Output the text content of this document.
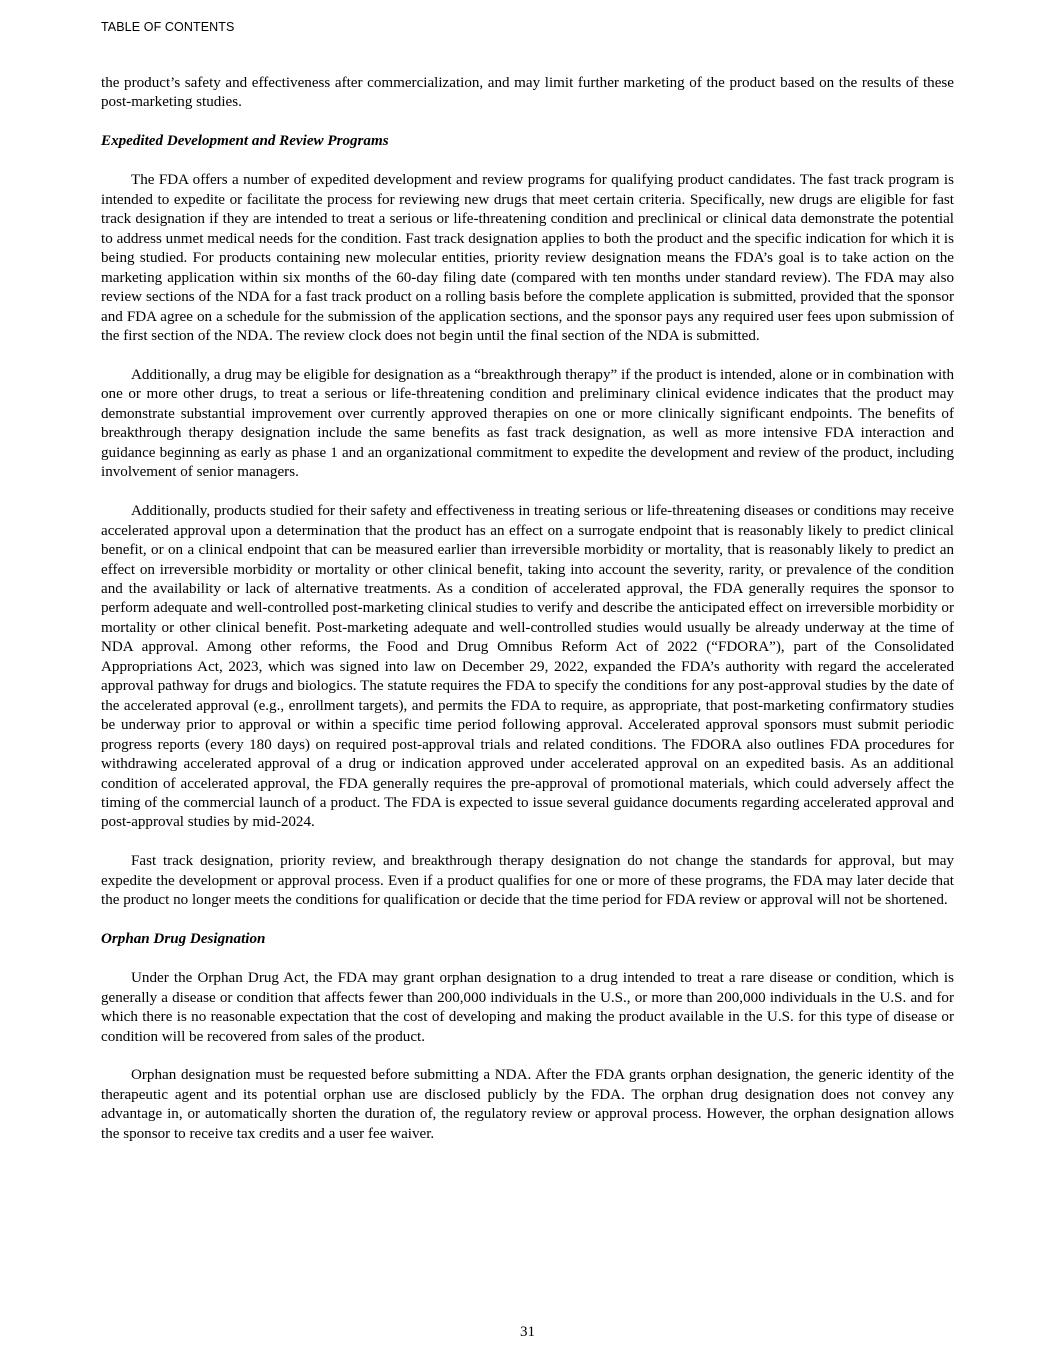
TABLE OF CONTENTS

the product’s safety and effectiveness after commercialization, and may limit further marketing of the product based on the results of these post-marketing studies.

Expedited Development and Review Programs

The FDA offers a number of expedited development and review programs for qualifying product candidates. The fast track program is intended to expedite or facilitate the process for reviewing new drugs that meet certain criteria. Specifically, new drugs are eligible for fast track designation if they are intended to treat a serious or life-threatening condition and preclinical or clinical data demonstrate the potential to address unmet medical needs for the condition. Fast track designation applies to both the product and the specific indication for which it is being studied. For products containing new molecular entities, priority review designation means the FDA’s goal is to take action on the marketing application within six months of the 60-day filing date (compared with ten months under standard review). The FDA may also review sections of the NDA for a fast track product on a rolling basis before the complete application is submitted, provided that the sponsor and FDA agree on a schedule for the submission of the application sections, and the sponsor pays any required user fees upon submission of the first section of the NDA. The review clock does not begin until the final section of the NDA is submitted.

Additionally, a drug may be eligible for designation as a “breakthrough therapy” if the product is intended, alone or in combination with one or more other drugs, to treat a serious or life-threatening condition and preliminary clinical evidence indicates that the product may demonstrate substantial improvement over currently approved therapies on one or more clinically significant endpoints. The benefits of breakthrough therapy designation include the same benefits as fast track designation, as well as more intensive FDA interaction and guidance beginning as early as phase 1 and an organizational commitment to expedite the development and review of the product, including involvement of senior managers.

Additionally, products studied for their safety and effectiveness in treating serious or life-threatening diseases or conditions may receive accelerated approval upon a determination that the product has an effect on a surrogate endpoint that is reasonably likely to predict clinical benefit, or on a clinical endpoint that can be measured earlier than irreversible morbidity or mortality, that is reasonably likely to predict an effect on irreversible morbidity or mortality or other clinical benefit, taking into account the severity, rarity, or prevalence of the condition and the availability or lack of alternative treatments. As a condition of accelerated approval, the FDA generally requires the sponsor to perform adequate and well-controlled post-marketing clinical studies to verify and describe the anticipated effect on irreversible morbidity or mortality or other clinical benefit. Post-marketing adequate and well-controlled studies would usually be already underway at the time of NDA approval. Among other reforms, the Food and Drug Omnibus Reform Act of 2022 (“FDORA”), part of the Consolidated Appropriations Act, 2023, which was signed into law on December 29, 2022, expanded the FDA’s authority with regard the accelerated approval pathway for drugs and biologics. The statute requires the FDA to specify the conditions for any post-approval studies by the date of the accelerated approval (e.g., enrollment targets), and permits the FDA to require, as appropriate, that post-marketing confirmatory studies be underway prior to approval or within a specific time period following approval. Accelerated approval sponsors must submit periodic progress reports (every 180 days) on required post-approval trials and related conditions. The FDORA also outlines FDA procedures for withdrawing accelerated approval of a drug or indication approved under accelerated approval on an expedited basis. As an additional condition of accelerated approval, the FDA generally requires the pre-approval of promotional materials, which could adversely affect the timing of the commercial launch of a product. The FDA is expected to issue several guidance documents regarding accelerated approval and post-approval studies by mid-2024.

Fast track designation, priority review, and breakthrough therapy designation do not change the standards for approval, but may expedite the development or approval process. Even if a product qualifies for one or more of these programs, the FDA may later decide that the product no longer meets the conditions for qualification or decide that the time period for FDA review or approval will not be shortened.

Orphan Drug Designation

Under the Orphan Drug Act, the FDA may grant orphan designation to a drug intended to treat a rare disease or condition, which is generally a disease or condition that affects fewer than 200,000 individuals in the U.S., or more than 200,000 individuals in the U.S. and for which there is no reasonable expectation that the cost of developing and making the product available in the U.S. for this type of disease or condition will be recovered from sales of the product.

Orphan designation must be requested before submitting a NDA. After the FDA grants orphan designation, the generic identity of the therapeutic agent and its potential orphan use are disclosed publicly by the FDA. The orphan drug designation does not convey any advantage in, or automatically shorten the duration of, the regulatory review or approval process. However, the orphan designation allows the sponsor to receive tax credits and a user fee waiver.

31
